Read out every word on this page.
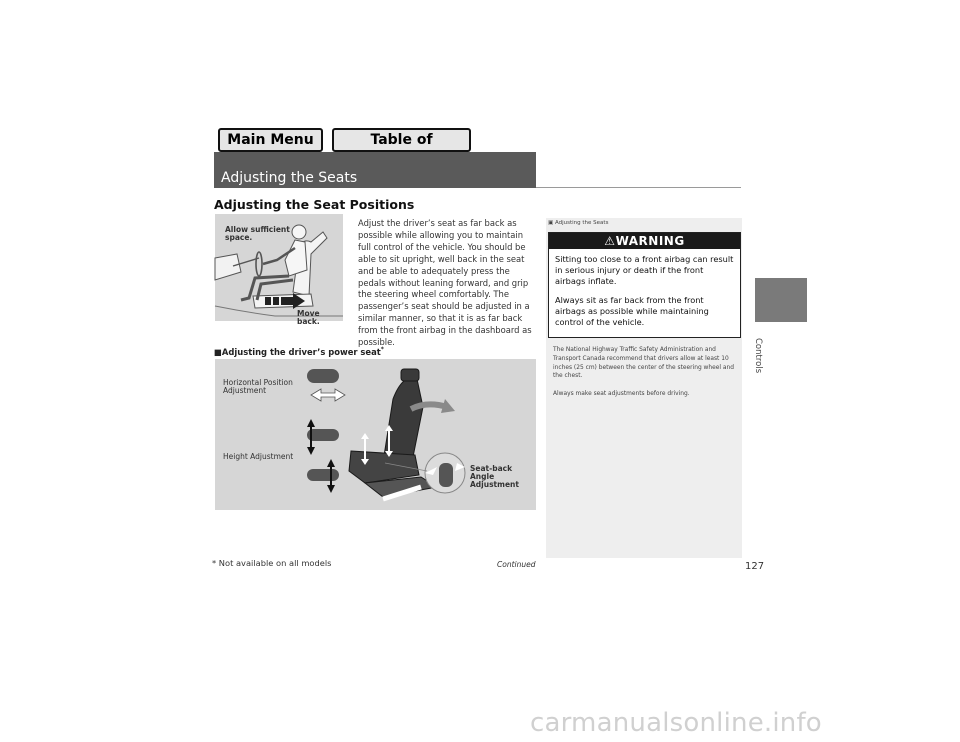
Main Menu	Table of
Adjusting the Seats
Adjusting the Seat Positions
Allow sufficient space.
Move back.

Adjust the driver’s seat as far back as possible while allowing you to maintain full control of the vehicle. You should be able to sit upright, well back in the seat and be able to adequately press the pedals without leaning forward, and grip the steering wheel comfortably. The passenger’s seat should be adjusted in a similar manner, so that it is as far back from the front airbag in the dashboard as possible.

■Adjusting the driver’s power seat*
Horizontal Position Adjustment
Height Adjustment
Seat-back Angle Adjustment
▣ Adjusting the Seats
⚠WARNING

Sitting too close to a front airbag can result in serious injury or death if the front airbags inflate.

Always sit as far back from the front airbags as possible while maintaining control of the vehicle.

The National Highway Traffic Safety Administration and Transport Canada recommend that drivers allow at least 10 inches (25 cm) between the center of the steering wheel and the chest.

Always make seat adjustments before driving.

Controls
* Not available on all models	Continued	127
carmanualsonline.info
